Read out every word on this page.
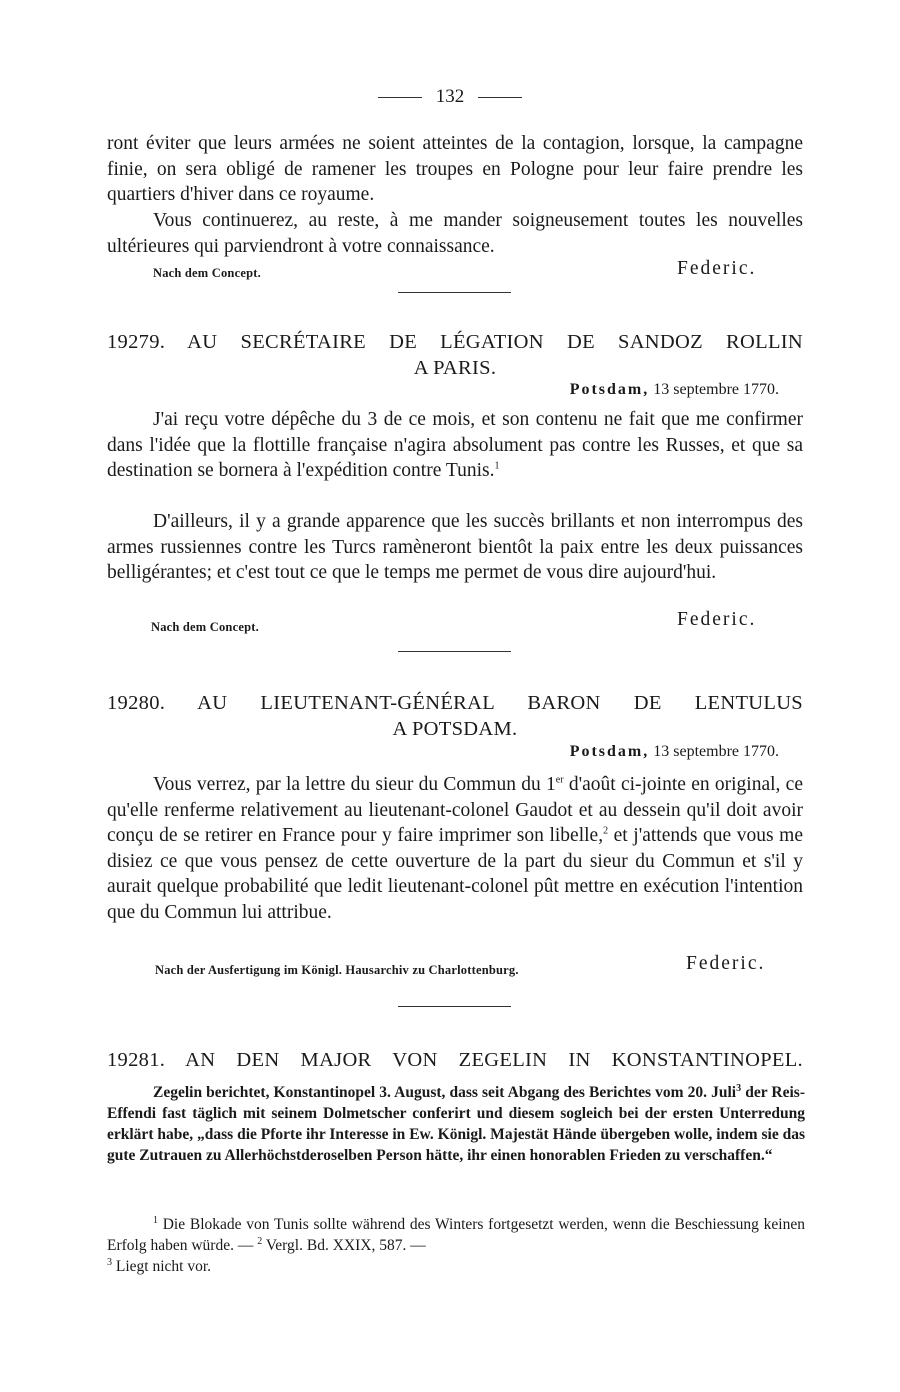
132
ront éviter que leurs armées ne soient atteintes de la contagion, lorsque, la campagne finie, on sera obligé de ramener les troupes en Pologne pour leur faire prendre les quartiers d'hiver dans ce royaume.
Vous continuerez, au reste, à me mander soigneusement toutes les nouvelles ultérieures qui parviendront à votre connaissance.
Nach dem Concept.	Federic.
19279. AU SECRÉTAIRE DE LÉGATION DE SANDOZ ROLLIN
A PARIS.
Potsdam, 13 septembre 1770.
J'ai reçu votre dépêche du 3 de ce mois, et son contenu ne fait que me confirmer dans l'idée que la flottille française n'agira absolument pas contre les Russes, et que sa destination se bornera à l'expédition contre Tunis.$^1$
D'ailleurs, il y a grande apparence que les succès brillants et non interrompus des armes russiennes contre les Turcs ramèneront bientôt la paix entre les deux puissances belligérantes; et c'est tout ce que le temps me permet de vous dire aujourd'hui.
Nach dem Concept.	Federic.
19280. AU LIEUTENANT-GÉNÉRAL BARON DE LENTULUS
A POTSDAM.
Potsdam, 13 septembre 1770.
Vous verrez, par la lettre du sieur du Commun du 1er d'août ci-jointe en original, ce qu'elle renferme relativement au lieutenant-colonel Gaudot et au dessein qu'il doit avoir conçu de se retirer en France pour y faire imprimer son libelle,$^2$ et j'attends que vous me disiez ce que vous pensez de cette ouverture de la part du sieur du Commun et s'il y aurait quelque probabilité que ledit lieutenant-colonel pût mettre en exécution l'intention que du Commun lui attribue.
Nach der Ausfertigung im Königl. Hausarchiv zu Charlottenburg.	Federic.
19281. AN DEN MAJOR VON ZEGELIN IN KONSTANTINOPEL.
Zegelin berichtet, Konstantinopel 3. August, dass seit Abgang des Berichtes vom 20. Juli$^3$ der Reis-Effendi fast täglich mit seinem Dolmetscher conferirt und diesem sogleich bei der ersten Unterredung erklärt habe, „dass die Pforte ihr Interesse in Ew. Königl. Majestät Hände übergeben wolle, indem sie das gute Zutrauen zu Allerhöchstderoselben Person hätte, ihr einen honorablen Frieden zu verschaffen.“
$^1$ Die Blokade von Tunis sollte während des Winters fortgesetzt werden, wenn die Beschiessung keinen Erfolg haben würde. — $^2$ Vergl. Bd. XXIX, 587. —
$^3$ Liegt nicht vor.
